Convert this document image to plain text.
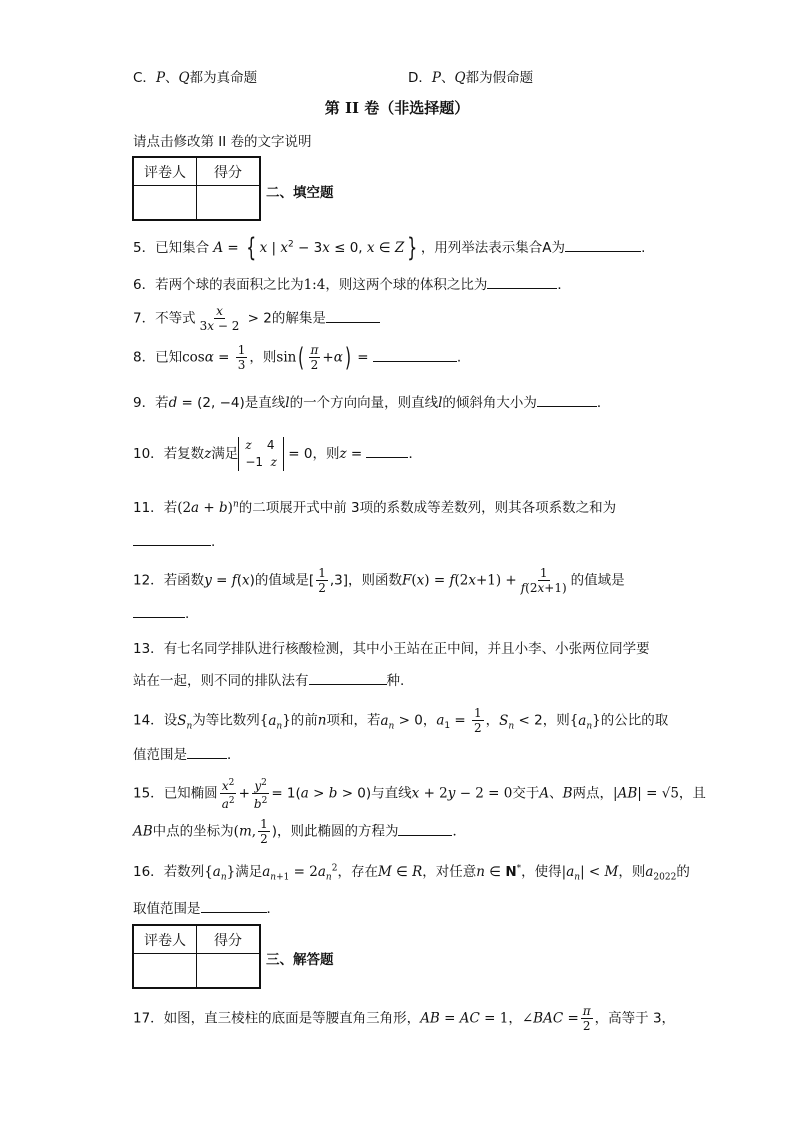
C．P、Q都为真命题	D．P、Q都为假命题
第 II 卷（非选择题）
请点击修改第 II 卷的文字说明
评卷人	得分

二、填空题
5．已知集合 A = { x | $x^2 - 3x \le 0$, x ∈ Z } ，用列举法表示集合A为	.
6．若两个球的表面积之比为1:4，则这两个球的体积之比为	．
7．不等式 $\frac{x}{3x - 2} > 2$的解集是
8．已知$\cos\alpha = \frac{1}{3}$ ，则$\sin( \frac{\pi}{2} +\alpha)$ =	.
9．若d = (2, −4)是直线l的一个方向向量，则直线l的倾斜角大小为	．
10．若复数z满足z    4
−1  z = 0，则z =	．
11．若$(2a + b)^n$的二项展开式中前 3项的系数成等差数列，则其各项系数之和为
.
12．若函数y = f(x)的值域是[ $\frac{1}{2} ,3$]，则函数$F(x) = f(2x+1) + \frac{1}{f(2x+1)}$ 的值域是
.
13．有七名同学排队进行核酸检测，其中小王站在正中间，并且小李、小张两位同学要
站在一起，则不同的排队法有	种.
14．设$S_n$为等比数列$\{a_n\}$的前n项和，若$a_n > 0$，$a_1 = \frac{1}{2}$ ，$S_n < 2$，则$\{a_n\}$的公比的取
值范围是	．
15．已知椭圆 $\frac{x^2}{a^2} + \frac{y^2}{b^2} = 1(a > b > 0)$与直线x + 2y − 2 = 0交于A、B两点，|AB| = √5，且
AB中点的坐标为(m, $\frac{1}{2}$ )，则此椭圆的方程为	．
16．若数列$\{a_n\}$满足$a_{n+1} = 2a_n^2$，存在M ∈ R，对任意n ∈ N*，使得$|a_n| < M$，则$a_{2022}$的
取值范围是	．
评卷人	得分

三、解答题
17．如图，直三棱柱的底面是等腰直角三角形，AB = AC = 1，∠BAC = $\frac{\pi}{2}$ ，高等于 3，
